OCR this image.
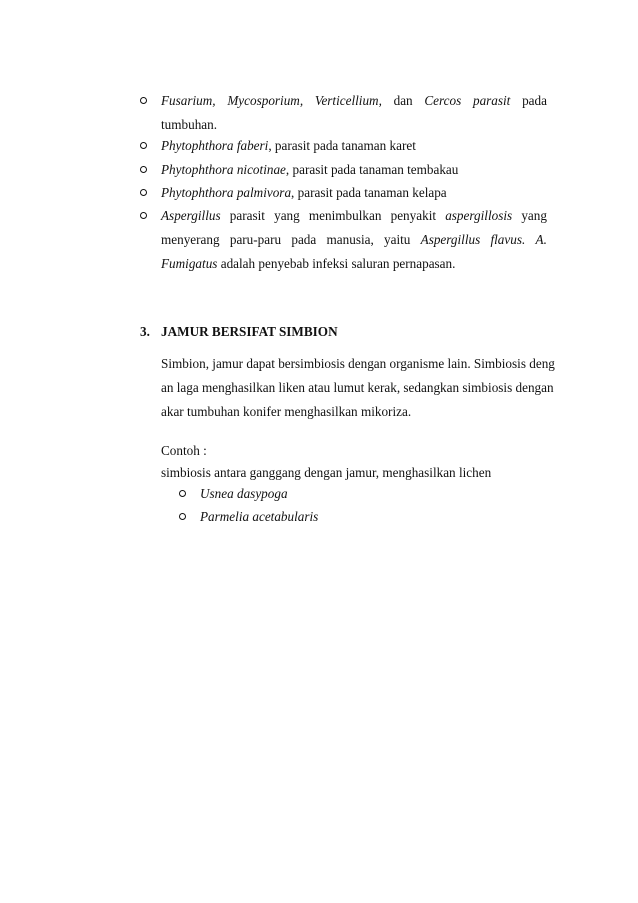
Fusarium, Mycosporium, Verticellium, dan Cercos parasit pada
tumbuhan.
Phytophthora faberi, parasit pada tanaman karet
Phytophthora nicotinae, parasit pada tanaman tembakau
Phytophthora palmivora, parasit pada tanaman kelapa
Aspergillus parasit yang menimbulkan penyakit aspergillosis yang
menyerang paru-paru pada manusia, yaitu Aspergillus flavus. A.
Fumigatus adalah penyebab infeksi saluran pernapasan.
3. JAMUR BERSIFAT SIMBION
Simbion, jamur dapat bersimbiosis dengan organisme lain. Simbiosis deng
an laga menghasilkan liken atau lumut kerak, sedangkan simbiosis dengan
akar tumbuhan konifer menghasilkan mikoriza.
Contoh :
simbiosis antara ganggang dengan jamur, menghasilkan lichen
Usnea dasypoga
Parmelia acetabularis
